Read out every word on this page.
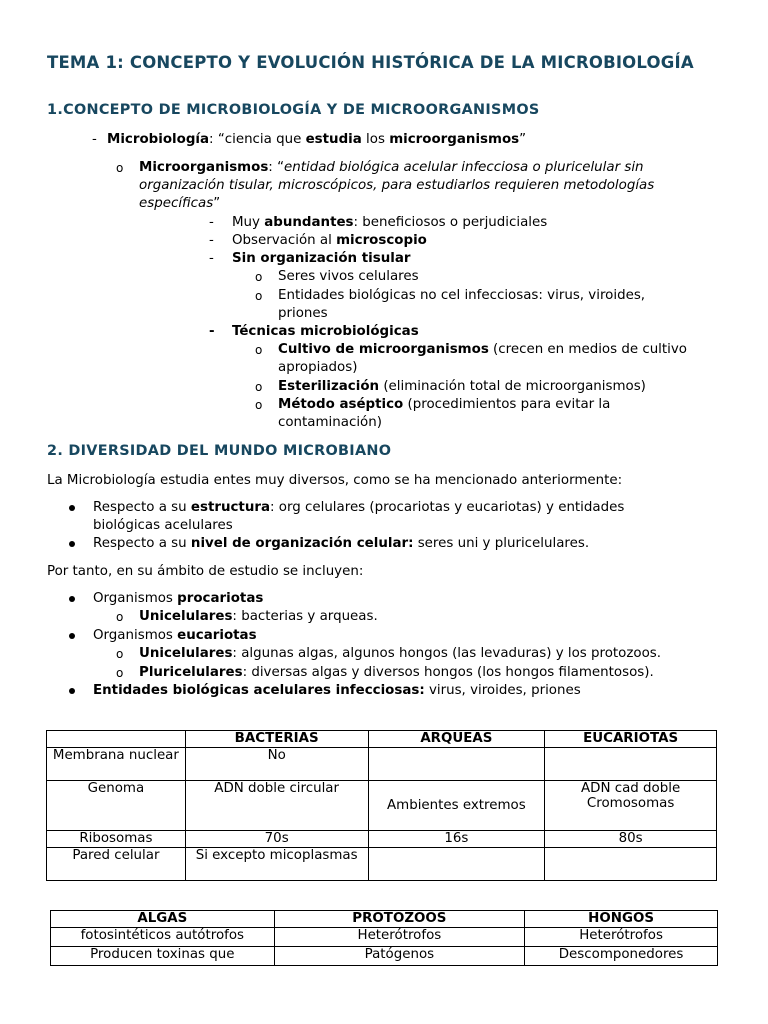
TEMA 1: CONCEPTO Y EVOLUCIÓN HISTÓRICA DE LA MICROBIOLOGÍA
1.CONCEPTO DE MICROBIOLOGÍA Y DE MICROORGANISMOS
- Microbiología: “ciencia que estudia los microorganismos”
o Microorganismos: “entidad biológica acelular infecciosa o pluricelular sin organización tisular, microscópicos, para estudiarlos requieren metodologías específicas”
- Muy abundantes: beneficiosos o perjudiciales
- Observación al microscopio
- Sin organización tisular
o Seres vivos celulares
o Entidades biológicas no cel infecciosas: virus, viroides, priones
- Técnicas microbiológicas
o Cultivo de microorganismos (crecen en medios de cultivo apropiados)
o Esterilización (eliminación total de microorganismos)
o Método aséptico (procedimientos para evitar la contaminación)
2. DIVERSIDAD DEL MUNDO MICROBIANO
La Microbiología estudia entes muy diversos, como se ha mencionado anteriormente:
Respecto a su estructura: org celulares (procariotas y eucariotas) y entidades biológicas acelulares
Respecto a su nivel de organización celular: seres uni y pluricelulares.
Por tanto, en su ámbito de estudio se incluyen:
Organismos procariotas
o Unicelulares: bacterias y arqueas.
Organismos eucariotas
o Unicelulares: algunas algas, algunos hongos (las levaduras) y los protozoos.
o Pluricelulares: diversas algas y diversos hongos (los hongos filamentosos).
Entidades biológicas acelulares infecciosas: virus, viroides, priones
	BACTERIAS	ARQUEAS	EUCARIOTAS
Membrana nuclear	No		
Genoma	ADN doble circular	Ambientes extremos	ADN cad doble Cromosomas
Ribosomas	70s	16s	80s
Pared celular	Si excepto micoplasmas		
ALGAS	PROTOZOOS	HONGOS
fotosintéticos autótrofos	Heterótrofos	Heterótrofos
Producen toxinas que	Patógenos	Descomponedores
